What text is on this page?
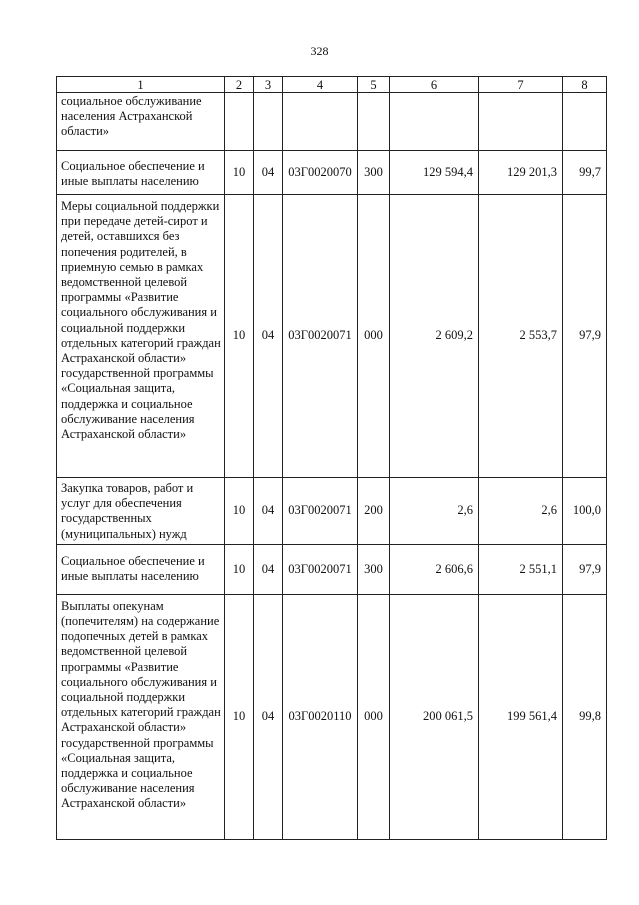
328
1	2	3	4	5	6	7	8
социальное обслуживание населения Астраханской области»							
Социальное обеспечение и иные выплаты населению	10	04	03Г0020070	300	129 594,4	129 201,3	99,7
Меры социальной поддержки при передаче детей-сирот и детей, оставшихся без попечения родителей, в приемную семью в рамках ведомственной целевой программы «Развитие социального обслуживания и социальной поддержки отдельных категорий граждан Астраханской области» государственной программы «Социальная защита, поддержка и социальное обслуживание населения Астраханской области»	10	04	03Г0020071	000	2 609,2	2 553,7	97,9
Закупка товаров, работ и услуг для обеспечения государственных (муниципальных) нужд	10	04	03Г0020071	200	2,6	2,6	100,0
Социальное обеспечение и иные выплаты населению	10	04	03Г0020071	300	2 606,6	2 551,1	97,9
Выплаты опекунам (попечителям) на содержание подопечных детей в рамках ведомственной целевой программы «Развитие социального обслуживания и социальной поддержки отдельных категорий граждан Астраханской области» государственной программы «Социальная защита, поддержка и социальное обслуживание населения Астраханской области»	10	04	03Г0020110	000	200 061,5	199 561,4	99,8
